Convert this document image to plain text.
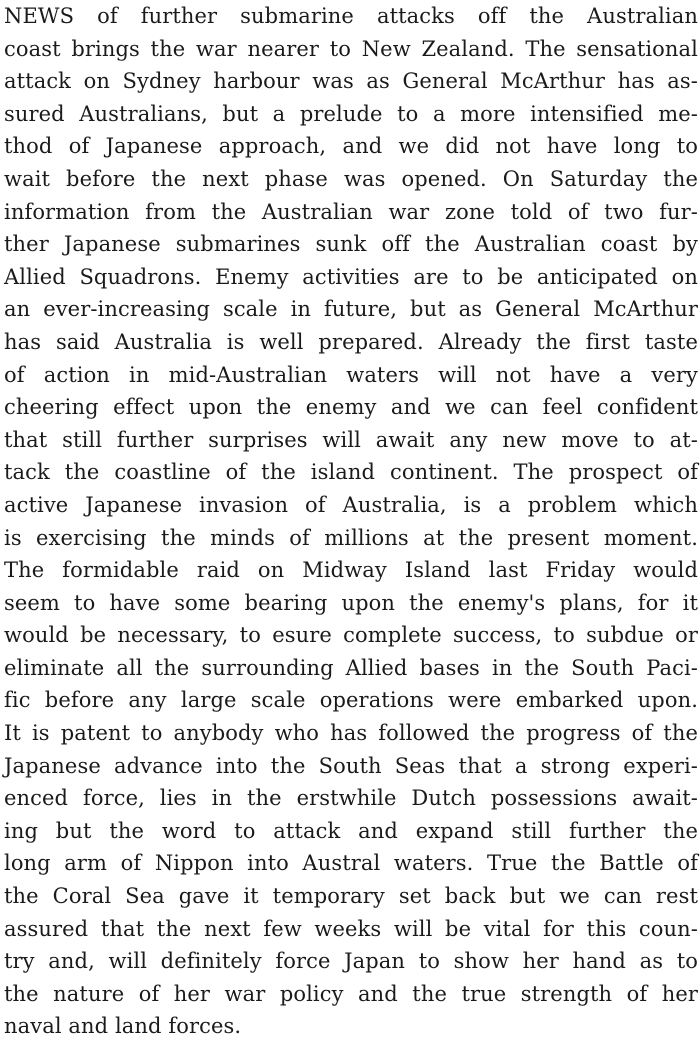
NEWS of further submarine attacks off the Australian
coast brings the war nearer to New Zealand. The sensational
attack on Sydney harbour was as General McArthur has as-
sured Australians, but a prelude to a more intensified me-
thod of Japanese approach, and we did not have long to
wait before the next phase was opened. On Saturday the
information from the Australian war zone told of two fur-
ther Japanese submarines sunk off the Australian coast by
Allied Squadrons. Enemy activities are to be anticipated on
an ever-increasing scale in future, but as General McArthur
has said Australia is well prepared. Already the first taste
of action in mid-Australian waters will not have a very
cheering effect upon the enemy and we can feel confident
that still further surprises will await any new move to at-
tack the coastline of the island continent. The prospect of
active Japanese invasion of Australia, is a problem which
is exercising the minds of millions at the present moment.
The formidable raid on Midway Island last Friday would
seem to have some bearing upon the enemy's plans, for it
would be necessary, to esure complete success, to subdue or
eliminate all the surrounding Allied bases in the South Paci-
fic before any large scale operations were embarked upon.
It is patent to anybody who has followed the progress of the
Japanese advance into the South Seas that a strong experi-
enced force, lies in the erstwhile Dutch possessions await-
ing but the word to attack and expand still further the
long arm of Nippon into Austral waters. True the Battle of
the Coral Sea gave it temporary set back but we can rest
assured that the next few weeks will be vital for this coun-
try and, will definitely force Japan to show her hand as to
the nature of her war policy and the true strength of her
naval and land forces.
